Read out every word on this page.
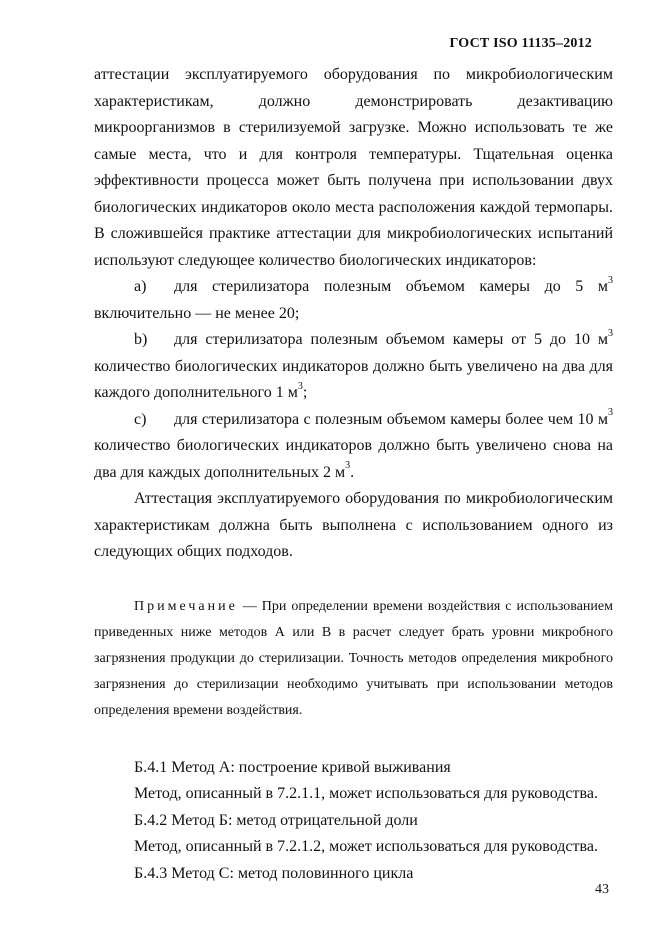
ГОСТ ISO 11135–2012

аттестации эксплуатируемого оборудования по микробиологическим характеристикам, должно демонстрировать дезактивацию микроорганизмов в стерилизуемой загрузке. Можно использовать те же самые места, что и для контроля температуры. Тщательная оценка эффективности процесса может быть получена при использовании двух биологических индикаторов около места расположения каждой термопары. В сложившейся практике аттестации для микробиологических испытаний используют следующее количество биологических индикаторов:

a) для стерилизатора полезным объемом камеры до 5 $м^3$ включительно — не менее 20;

b) для стерилизатора полезным объемом камеры от 5 до 10 $м^3$ количество биологических индикаторов должно быть увеличено на два для каждого дополнительного 1 $м^3$;

c) для стерилизатора с полезным объемом камеры более чем 10 $м^3$ количество биологических индикаторов должно быть увеличено снова на два для каждых дополнительных 2 $м^3$.

Аттестация эксплуатируемого оборудования по микробиологическим характеристикам должна быть выполнена с использованием одного из следующих общих подходов.

Примечание — При определении времени воздействия с использованием приведенных ниже методов А или В в расчет следует брать уровни микробного загрязнения продукции до стерилизации. Точность методов определения микробного загрязнения до стерилизации необходимо учитывать при использовании методов определения времени воздействия.

Б.4.1 Метод А: построение кривой выживания

Метод, описанный в 7.2.1.1, может использоваться для руководства.

Б.4.2 Метод Б: метод отрицательной доли

Метод, описанный в 7.2.1.2, может использоваться для руководства.

Б.4.3 Метод С: метод половинного цикла

43
